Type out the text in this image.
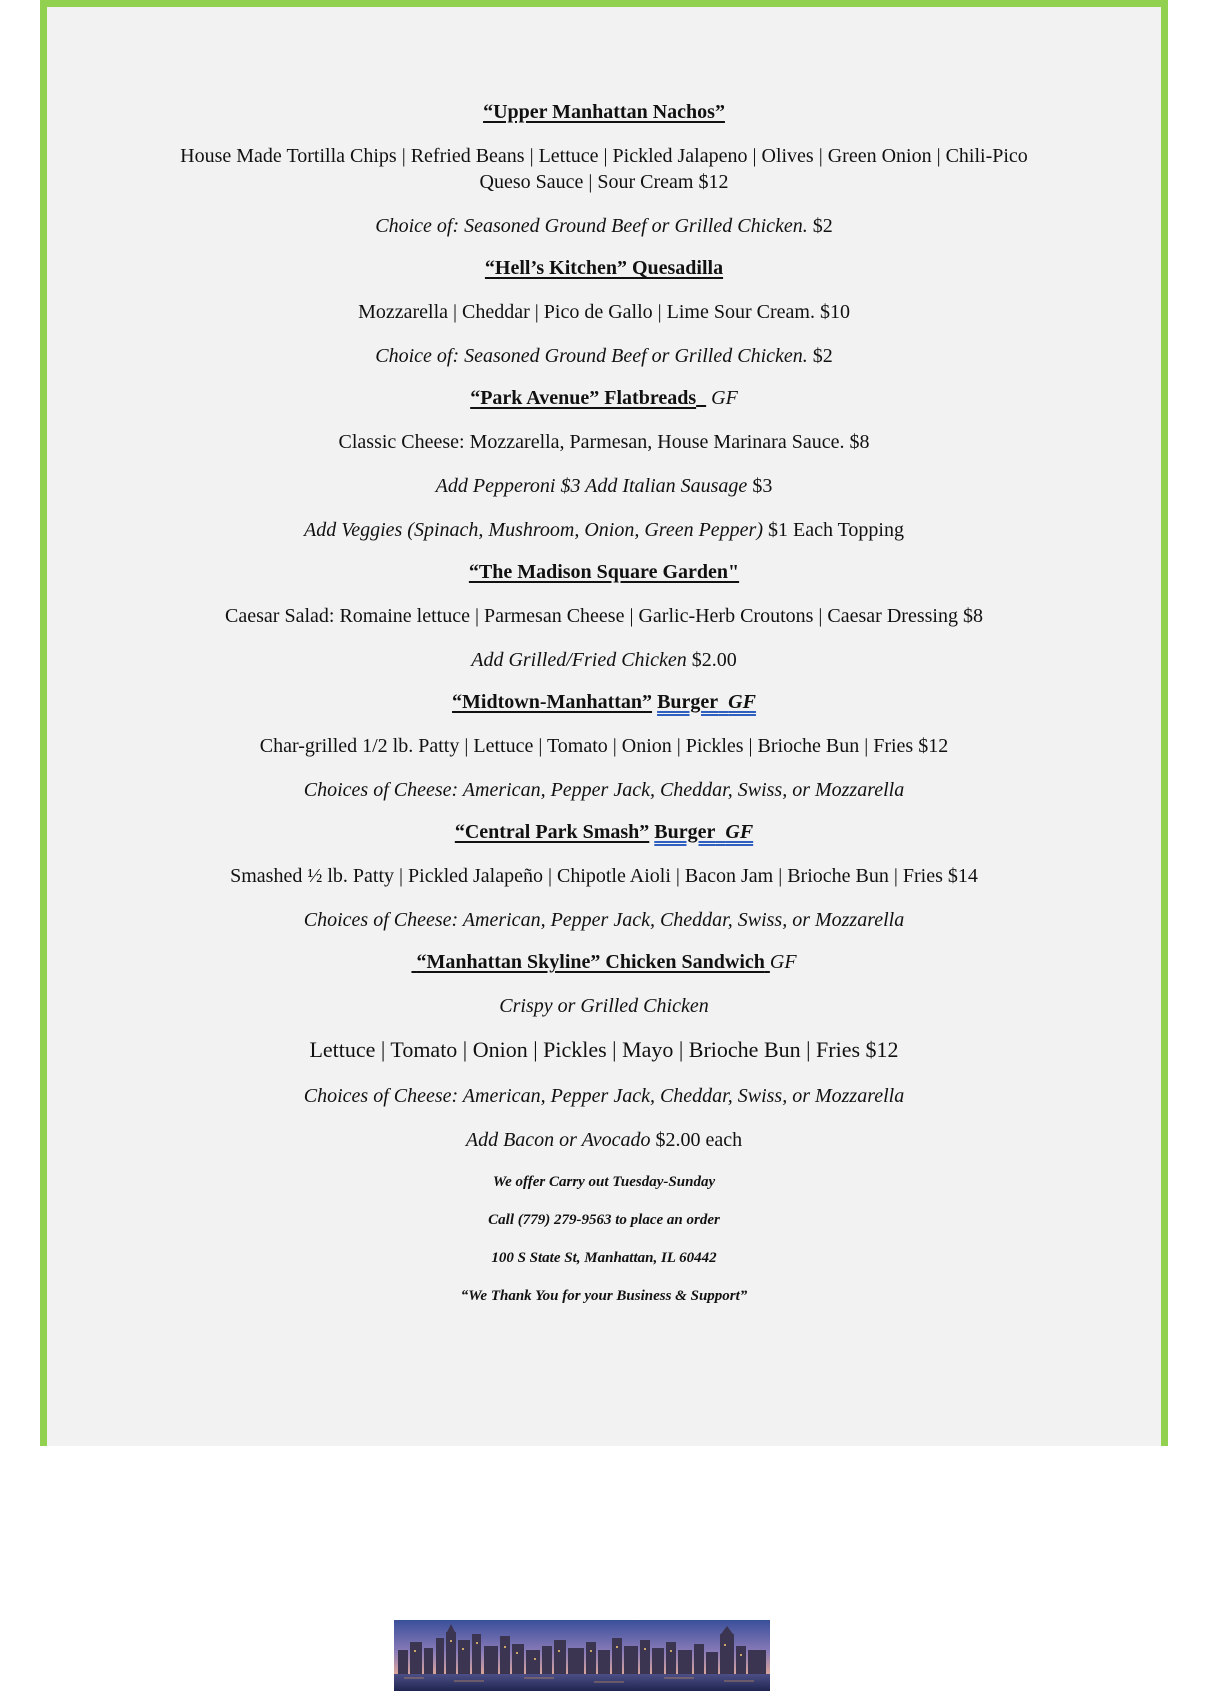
“Upper Manhattan Nachos”
House Made Tortilla Chips | Refried Beans | Lettuce | Pickled Jalapeno | Olives | Green Onion | Chili-Pico
Queso Sauce | Sour Cream $12
Choice of: Seasoned Ground Beef or Grilled Chicken. $2
“Hell’s Kitchen” Quesadilla
Mozzarella | Cheddar | Pico de Gallo | Lime Sour Cream. $10
Choice of: Seasoned Ground Beef or Grilled Chicken. $2
“Park Avenue” Flatbreads GF
Classic Cheese: Mozzarella, Parmesan, House Marinara Sauce. $8
Add Pepperoni $3 Add Italian Sausage $3
Add Veggies (Spinach, Mushroom, Onion, Green Pepper) $1 Each Topping
“The Madison Square Garden"
Caesar Salad: Romaine lettuce | Parmesan Cheese | Garlic-Herb Croutons | Caesar Dressing $8
Add Grilled/Fried Chicken $2.00
“Midtown-Manhattan” Burger GF
Char-grilled 1/2 lb. Patty | Lettuce | Tomato | Onion | Pickles | Brioche Bun | Fries $12
Choices of Cheese: American, Pepper Jack, Cheddar, Swiss, or Mozzarella
“Central Park Smash” Burger GF
Smashed ½ lb. Patty | Pickled Jalapeño | Chipotle Aioli | Bacon Jam | Brioche Bun | Fries $14
Choices of Cheese: American, Pepper Jack, Cheddar, Swiss, or Mozzarella
“Manhattan Skyline” Chicken Sandwich GF
Crispy or Grilled Chicken
Lettuce | Tomato | Onion | Pickles | Mayo | Brioche Bun | Fries $12
Choices of Cheese: American, Pepper Jack, Cheddar, Swiss, or Mozzarella
Add Bacon or Avocado $2.00 each
We offer Carry out Tuesday-Sunday
Call (779) 279-9563 to place an order
100 S State St, Manhattan, IL 60442
“We Thank You for your Business & Support”
